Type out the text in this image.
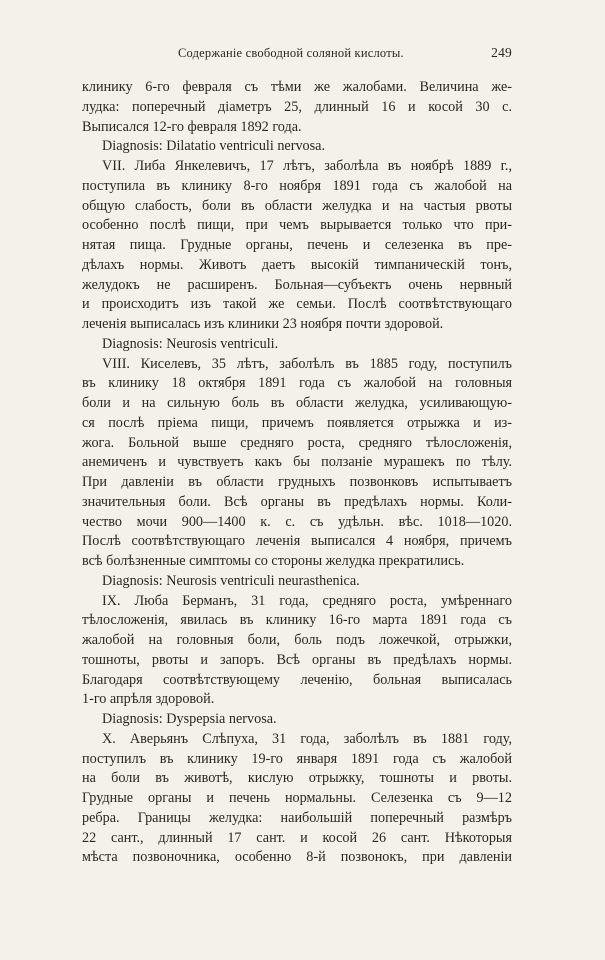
Содержаніе свободной соляной кислоты.	249
клинику 6-го февраля съ тѣми же жалобами. Величина же-
лудка: поперечный діаметръ 25, длинный 16 и косой 30 с.
Выписался 12-го февраля 1892 года.
Diagnosis: Dilatatio ventriculi nervosa.
VII. Либа Янкелевичъ, 17 лѣтъ, заболѣла въ ноябрѣ 1889 г.,
поступила въ клинику 8-го ноября 1891 года съ жалобой на
общую слабость, боли въ области желудка и на частыя рвоты
особенно послѣ пищи, при чемъ вырывается только что при-
нятая пища. Грудные органы, печень и селезенка въ пре-
дѣлахъ нормы. Животъ даетъ высокій тимпаническій тонъ,
желудокъ не расширенъ. Больная—субъектъ очень нервный
и происходитъ изъ такой же семьи. Послѣ соотвѣтствующаго
леченія выписалась изъ клиники 23 ноября почти здоровой.
Diagnosis: Neurosis ventriculi.
VIII. Киселевъ, 35 лѣтъ, заболѣлъ въ 1885 году, поступилъ
въ клинику 18 октября 1891 года съ жалобой на головныя
боли и на сильную боль въ области желудка, усиливающую-
ся послѣ пріема пищи, причемъ появляется отрыжка и из-
жога. Больной выше средняго роста, средняго тѣлосложенія,
анемиченъ и чувствуетъ какъ бы ползаніе мурашекъ по тѣлу.
При давленіи въ области грудныхъ позвонковъ испытываетъ
значительныя боли. Всѣ органы въ предѣлахъ нормы. Коли-
чество мочи 900—1400 к. с. съ удѣльн. вѣс. 1018—1020.
Послѣ соотвѣтствующаго леченія выписался 4 ноября, причемъ
всѣ болѣзненные симптомы со стороны желудка прекратились.
Diagnosis: Neurosis ventriculi neurasthenica.
IX. Люба Берманъ, 31 года, средняго роста, умѣреннаго
тѣлосложенія, явилась въ клинику 16-го марта 1891 года съ
жалобой на головныя боли, боль подъ ложечкой, отрыжки,
тошноты, рвоты и запоръ. Всѣ органы въ предѣлахъ нормы.
Благодаря соотвѣтствующему леченію, больная выписалась
1-го апрѣля здоровой.
Diagnosis: Dyspepsia nervosa.
X. Аверьянъ Слѣпуха, 31 года, заболѣлъ въ 1881 году,
поступилъ въ клинику 19-го января 1891 года съ жалобой
на боли въ животѣ, кислую отрыжку, тошноты и рвоты.
Грудные органы и печень нормальны. Селезенка съ 9—12
ребра. Границы желудка: наибольшій поперечный размѣръ
22 сант., длинный 17 сант. и косой 26 сант. Нѣкоторыя
мѣста позвоночника, особенно 8-й позвонокъ, при давленіи
